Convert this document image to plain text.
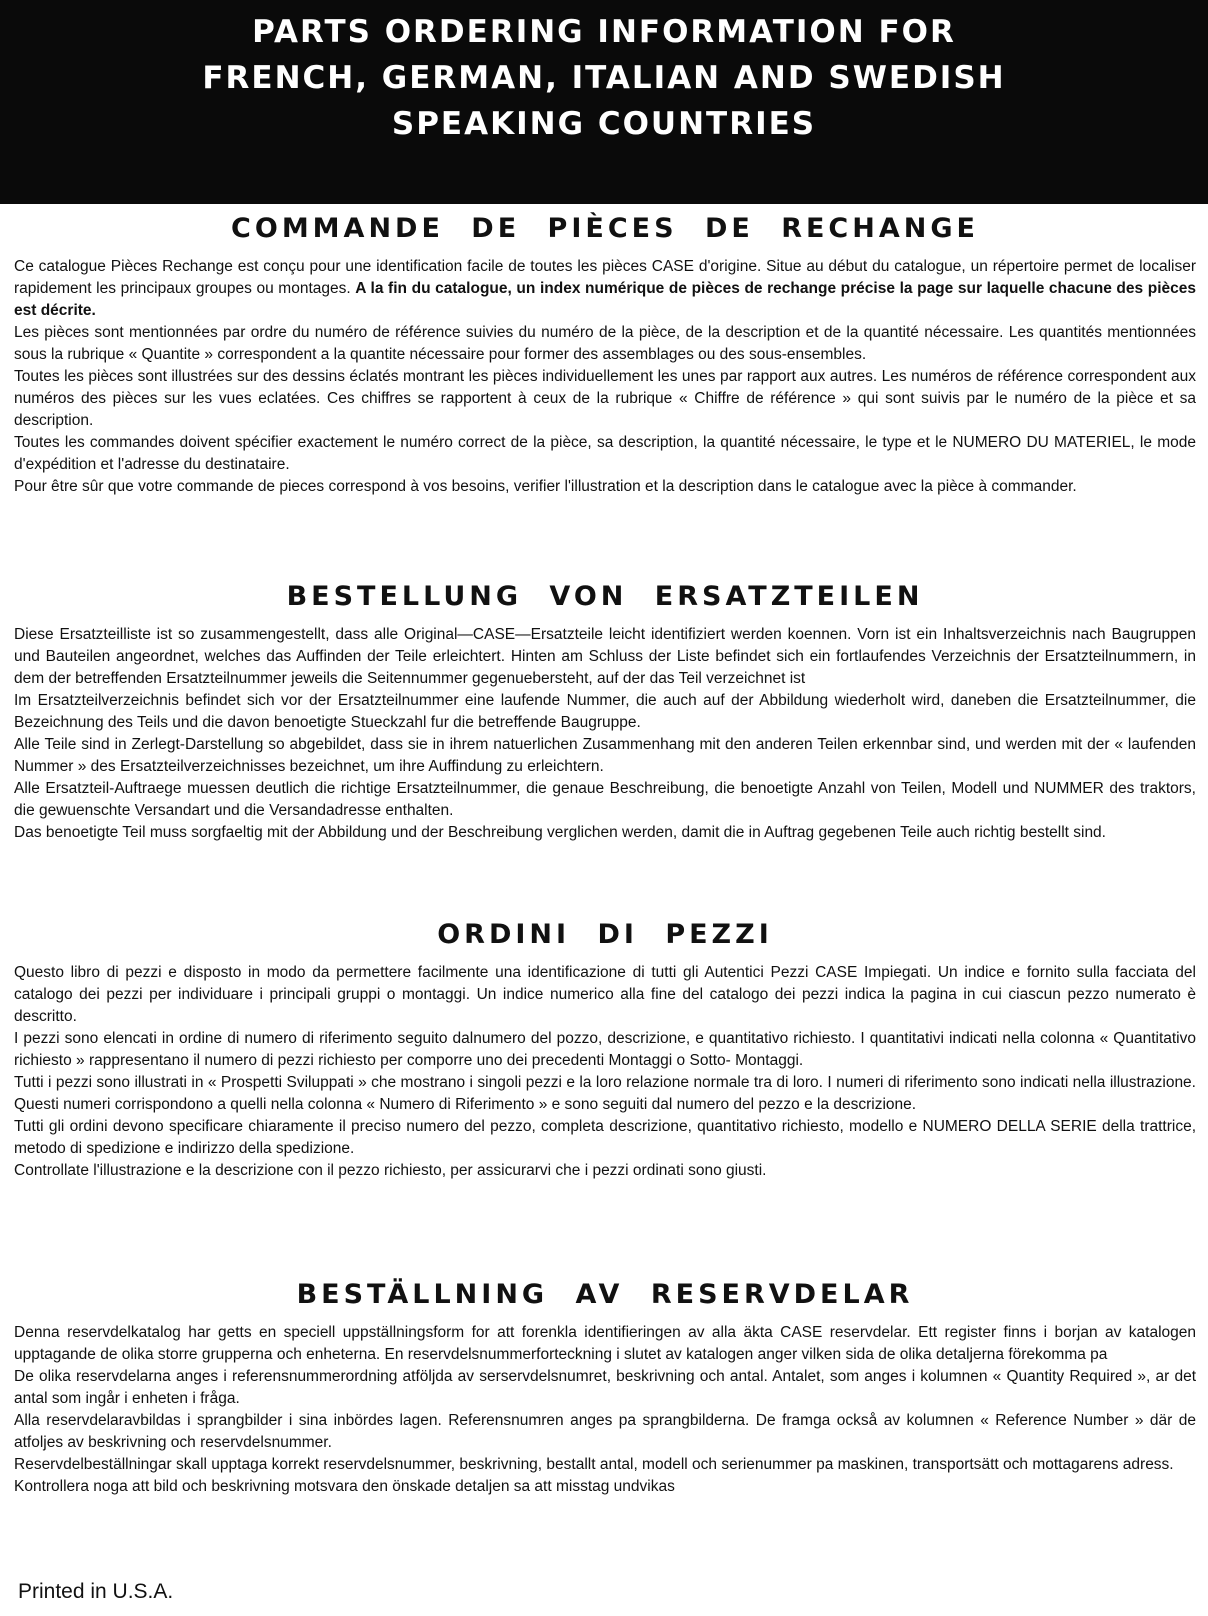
PARTS ORDERING INFORMATION FOR
FRENCH, GERMAN, ITALIAN AND SWEDISH
SPEAKING COUNTRIES
COMMANDE DE PIÈCES DE RECHANGE

Ce catalogue Pièces Rechange est conçu pour une identification facile de toutes les pièces CASE d'origine. Situe au début du catalogue, un répertoire permet de localiser rapidement les principaux groupes ou montages. A la fin du catalogue, un index numérique de pièces de rechange précise la page sur laquelle chacune des pièces est décrite.

Les pièces sont mentionnées par ordre du numéro de référence suivies du numéro de la pièce, de la description et de la quantité nécessaire. Les quantités mentionnées sous la rubrique « Quantite » correspondent a la quantite nécessaire pour former des assemblages ou des sous-ensembles.

Toutes les pièces sont illustrées sur des dessins éclatés montrant les pièces individuellement les unes par rapport aux autres. Les numéros de référence correspondent aux numéros des pièces sur les vues eclatées. Ces chiffres se rapportent à ceux de la rubrique « Chiffre de référence » qui sont suivis par le numéro de la pièce et sa description.

Toutes les commandes doivent spécifier exactement le numéro correct de la pièce, sa description, la quantité nécessaire, le type et le NUMERO DU MATERIEL, le mode d'expédition et l'adresse du destinataire.

Pour être sûr que votre commande de pieces correspond à vos besoins, verifier l'illustration et la description dans le catalogue avec la pièce à commander.

BESTELLUNG VON ERSATZTEILEN

Diese Ersatzteilliste ist so zusammengestellt, dass alle Original—CASE—Ersatzteile leicht identifiziert werden koennen. Vorn ist ein Inhaltsverzeichnis nach Baugruppen und Bauteilen angeordnet, welches das Auffinden der Teile erleichtert. Hinten am Schluss der Liste befindet sich ein fortlaufendes Verzeichnis der Ersatzteilnummern, in dem der betreffenden Ersatzteilnummer jeweils die Seitennummer gegenuebersteht, auf der das Teil verzeichnet ist

Im Ersatzteilverzeichnis befindet sich vor der Ersatzteilnummer eine laufende Nummer, die auch auf der Abbildung wiederholt wird, daneben die Ersatzteilnummer, die Bezeichnung des Teils und die davon benoetigte Stueckzahl fur die betreffende Baugruppe.

Alle Teile sind in Zerlegt-Darstellung so abgebildet, dass sie in ihrem natuerlichen Zusammenhang mit den anderen Teilen erkennbar sind, und werden mit der « laufenden Nummer » des Ersatzteilverzeichnisses bezeichnet, um ihre Auffindung zu erleichtern.

Alle Ersatzteil-Auftraege muessen deutlich die richtige Ersatzteilnummer, die genaue Beschreibung, die benoetigte Anzahl von Teilen, Modell und NUMMER des traktors, die gewuenschte Versandart und die Versandadresse enthalten.

Das benoetigte Teil muss sorgfaeltig mit der Abbildung und der Beschreibung verglichen werden, damit die in Auftrag gegebenen Teile auch richtig bestellt sind.

ORDINI DI PEZZI

Questo libro di pezzi e disposto in modo da permettere facilmente una identificazione di tutti gli Autentici Pezzi CASE Impiegati. Un indice e fornito sulla facciata del catalogo dei pezzi per individuare i principali gruppi o montaggi. Un indice numerico alla fine del catalogo dei pezzi indica la pagina in cui ciascun pezzo numerato è descritto.

I pezzi sono elencati in ordine di numero di riferimento seguito dalnumero del pozzo, descrizione, e quantitativo richiesto. I quantitativi indicati nella colonna « Quantitativo richiesto » rappresentano il numero di pezzi richiesto per comporre uno dei precedenti Montaggi o Sotto- Montaggi.

Tutti i pezzi sono illustrati in « Prospetti Sviluppati » che mostrano i singoli pezzi e la loro relazione normale tra di loro. I numeri di riferimento sono indicati nella illustrazione. Questi numeri corrispondono a quelli nella colonna « Numero di Riferimento » e sono seguiti dal numero del pezzo e la descrizione.

Tutti gli ordini devono specificare chiaramente il preciso numero del pezzo, completa descrizione, quantitativo richiesto, modello e NUMERO DELLA SERIE della trattrice, metodo di spedizione e indirizzo della spedizione.

Controllate l'illustrazione e la descrizione con il pezzo richiesto, per assicurarvi che i pezzi ordinati sono giusti.

BESTÄLLNING AV RESERVDELAR

Denna reservdelkatalog har getts en speciell uppställningsform for att forenkla identifieringen av alla äkta CASE reservdelar. Ett register finns i borjan av katalogen upptagande de olika storre grupperna och enheterna. En reservdelsnummerforteckning i slutet av katalogen anger vilken sida de olika detaljerna förekomma pa

De olika reservdelarna anges i referensnummerordning atföljda av serservdelsnumret, beskrivning och antal. Antalet, som anges i kolumnen « Quantity Required », ar det antal som ingår i enheten i fråga.

Alla reservdelaravbildas i sprangbilder i sina inbördes lagen. Referensnumren anges pa sprangbilderna. De framga också av kolumnen « Reference Number » där de atfoljes av beskrivning och reservdelsnummer.

Reservdelbeställningar skall upptaga korrekt reservdelsnummer, beskrivning, bestallt antal, modell och serienummer pa maskinen, transportsätt och mottagarens adress.

Kontrollera noga att bild och beskrivning motsvara den önskade detaljen sa att misstag undvikas

Printed in U.S.A.
